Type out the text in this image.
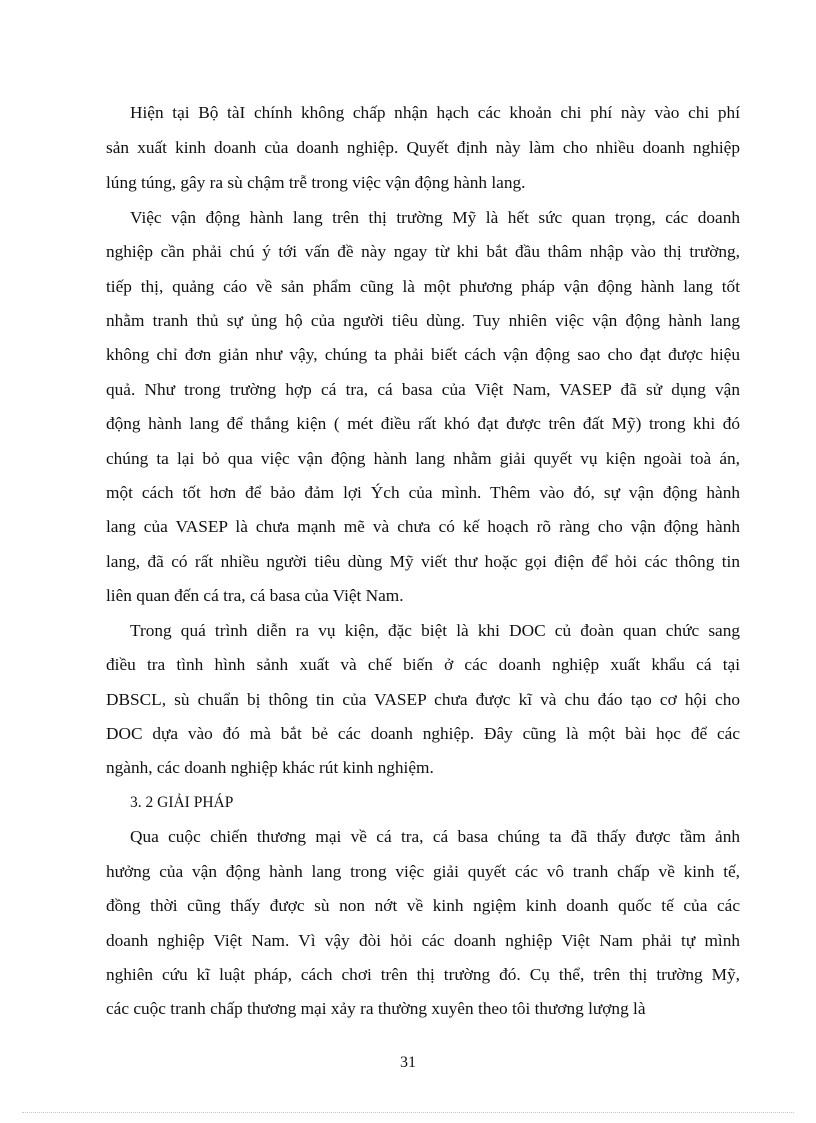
Hiện tại Bộ tàI chính không chấp nhận hạch các khoản chi phí này vào chi phí
sản xuất kinh doanh của doanh nghiệp. Quyết định này làm cho nhiều doanh nghiệp
lúng túng, gây ra sù chậm trễ trong việc vận động hành lang.
Việc vận động hành lang trên thị trường Mỹ là hết sức quan trọng, các doanh
nghiệp cần phải chú ý tới vấn đề này ngay từ khi bắt đầu thâm nhập vào thị trường,
tiếp thị, quảng cáo về sản phẩm cũng là một phương pháp vận động hành lang tốt
nhằm tranh thủ sự ủng hộ của người tiêu dùng. Tuy nhiên việc vận động hành lang
không chỉ đơn giản như vậy, chúng ta phải biết cách vận động sao cho đạt được hiệu
quả. Như trong trường hợp cá tra, cá basa của Việt Nam, VASEP đã sử dụng vận
động hành lang để thắng kiện ( mét điều rất khó đạt được trên đất Mỹ) trong khi đó
chúng ta lại bỏ qua việc vận động hành lang nhằm giải quyết vụ kiện ngoài toà án,
một cách tốt hơn để bảo đảm lợi Ých của mình. Thêm vào đó, sự vận động hành
lang của VASEP là chưa mạnh mẽ và chưa có kế hoạch rõ ràng cho vận động hành
lang, đã có rất nhiều người tiêu dùng Mỹ viết thư hoặc gọi điện để hỏi các thông tin
liên quan đến cá tra, cá basa của Việt Nam.
Trong quá trình diễn ra vụ kiện, đặc biệt là khi DOC củ đoàn quan chức sang
điều tra tình hình sảnh xuất và chế biến ở các doanh nghiệp xuất khẩu cá tại
DBSCL, sù chuẩn bị thông tin của VASEP chưa được kĩ và chu đáo tạo cơ hội cho
DOC dựa vào đó mà bắt bẻ các doanh nghiệp. Đây cũng là một bài học để các
ngành, các doanh nghiệp khác rút kinh nghiệm.
3. 2 GIẢI PHÁP
Qua cuộc chiến thương mại về cá tra, cá basa chúng ta đã thấy được tầm ảnh
hưởng của vận động hành lang trong việc giải quyết các vô tranh chấp về kinh tế,
đồng thời cũng thấy được sù non nớt về kinh ngiệm kinh doanh quốc tế của các
doanh nghiệp Việt Nam. Vì vậy đòi hỏi các doanh nghiệp Việt Nam phải tự mình
nghiên cứu kĩ luật pháp, cách chơi trên thị trường đó. Cụ thể, trên thị trường Mỹ,
các cuộc tranh chấp thương mại xảy ra thường xuyên theo tôi thương lượng là
31
